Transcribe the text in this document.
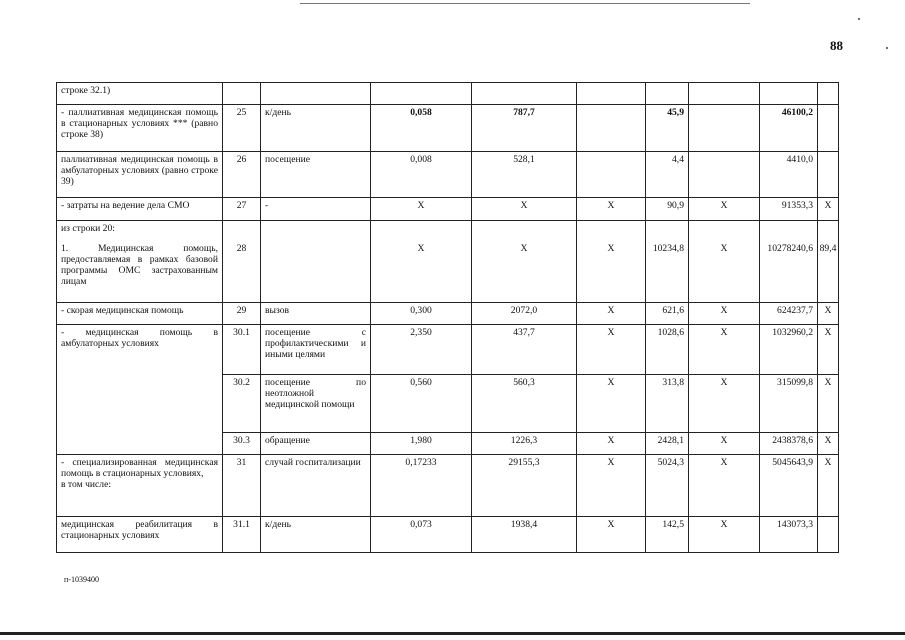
88
строке 32.1)									

- паллиативная медицинская помощь в стационарных условиях *** (равно строке 38)	25	к/день	0,058	787,7		45,9		46100,2	

паллиативная медицинская помощь в амбулаторных условиях (равно строке 39)	26	посещение	0,008	528,1		4,4		4410,0	

- затраты на ведение дела СМО	27	-	Х	Х	Х	90,9	Х	91353,3	Х

из строки 20:
1. Медицинская помощь, предоставляемая в рамках базовой программы ОМС застрахованным лицам	28		Х	Х	Х	10234,8	Х	10278240,6	89,4

- скорая медицинская помощь	29	вызов	0,300	2072,0	Х	621,6	Х	624237,7	Х

- медицинская помощь в амбулаторных условиях	30.1	посещение с профилактическими и иными целями	2,350	437,7	Х	1028,6	Х	1032960,2	Х
	30.2	посещение по неотложной медицинской помощи	0,560	560,3	Х	313,8	Х	315099,8	Х
	30.3	обращение	1,980	1226,3	Х	2428,1	Х	2438378,6	Х

- специализированная медицинская помощь в стационарных условиях,
в том числе:	31	случай госпитализации	0,17233	29155,3	Х	5024,3	Х	5045643,9	Х

медицинская реабилитация в стационарных условиях	31.1	к/день	0,073	1938,4	Х	142,5	Х	143073,3	
п-1039400
